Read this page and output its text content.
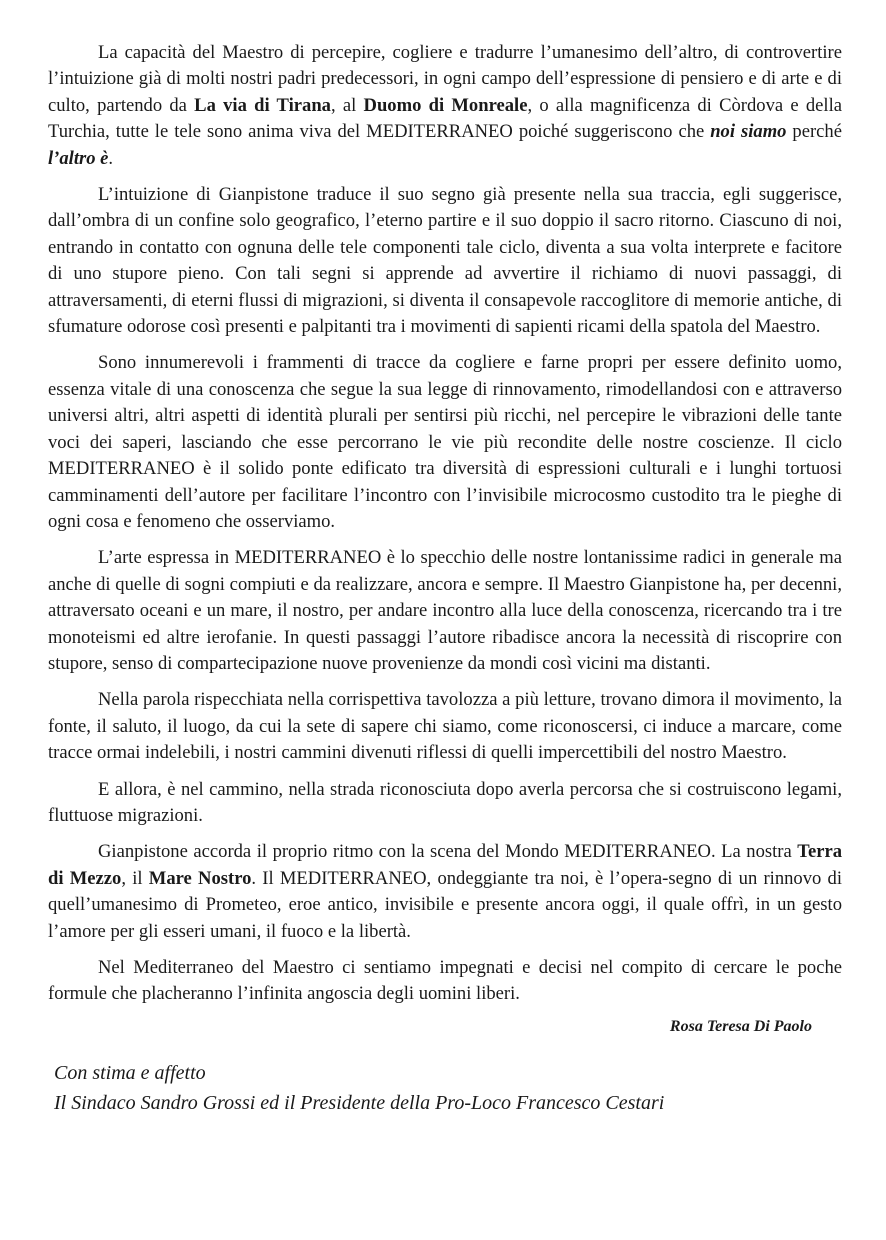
La capacità del Maestro di percepire, cogliere e tradurre l’umanesimo dell’altro, di controvertire l’intuizione già di molti nostri padri predecessori, in ogni campo dell’espressione di pensiero e di arte e di culto, partendo da La via di Tirana, al Duomo di Monreale, o alla magnificenza di Còrdova e della Turchia, tutte le tele sono anima viva del MEDITERRANEO poiché suggeriscono che noi siamo perché l’altro è.

L’intuizione di Gianpistone traduce il suo segno già presente nella sua traccia, egli suggerisce, dall’ombra di un confine solo geografico, l’eterno partire e il suo doppio il sacro ritorno. Ciascuno di noi, entrando in contatto con ognuna delle tele componenti tale ciclo, diventa a sua volta interprete e facitore di uno stupore pieno. Con tali segni si apprende ad avvertire il richiamo di nuovi passaggi, di attraversamenti, di eterni flussi di migrazioni, si diventa il consapevole raccoglitore di memorie antiche, di sfumature odorose così presenti e palpitanti tra i movimenti di sapienti ricami della spatola del Maestro.

Sono innumerevoli i frammenti di tracce da cogliere e farne propri per essere definito uomo, essenza vitale di una conoscenza che segue la sua legge di rinnovamento, rimodellandosi con e attraverso universi altri, altri aspetti di identità plurali per sentirsi più ricchi, nel percepire le vibrazioni delle tante voci dei saperi, lasciando che esse percorrano le vie più recondite delle nostre coscienze. Il ciclo MEDITERRANEO è il solido ponte edificato tra diversità di espressioni culturali e i lunghi tortuosi camminamenti dell’autore per facilitare l’incontro con l’invisibile microcosmo custodito tra le pieghe di ogni cosa e fenomeno che osserviamo.

L’arte espressa in MEDITERRANEO è lo specchio delle nostre lontanissime radici in generale ma anche di quelle di sogni compiuti e da realizzare, ancora e sempre. Il Maestro Gianpistone ha, per decenni, attraversato oceani e un mare, il nostro, per andare incontro alla luce della conoscenza, ricercando tra i tre monoteismi ed altre ierofanie. In questi passaggi l’autore ribadisce ancora la necessità di riscoprire con stupore, senso di compartecipazione nuove provenienze da mondi così vicini ma distanti.

Nella parola rispecchiata nella corrispettiva tavolozza a più letture, trovano dimora il movimento, la fonte, il saluto, il luogo, da cui la sete di sapere chi siamo, come riconoscersi, ci induce a marcare, come tracce ormai indelebili, i nostri cammini divenuti riflessi di quelli impercettibili del nostro Maestro.

E allora, è nel cammino, nella strada riconosciuta dopo averla percorsa che si costruiscono legami, fluttuose migrazioni.

Gianpistone accorda il proprio ritmo con la scena del Mondo MEDITERRANEO. La nostra Terra di Mezzo, il Mare Nostro. Il MEDITERRANEO, ondeggiante tra noi, è l’opera-segno di un rinnovo di quell’umanesimo di Prometeo, eroe antico, invisibile e presente ancora oggi, il quale offrì, in un gesto l’amore per gli esseri umani, il fuoco e la libertà.

Nel Mediterraneo del Maestro ci sentiamo impegnati e decisi nel compito di cercare le poche formule che placheranno l’infinita angoscia degli uomini liberi.

Rosa Teresa Di Paolo
Con stima e affetto
Il Sindaco Sandro Grossi ed il Presidente della Pro-Loco Francesco Cestari
